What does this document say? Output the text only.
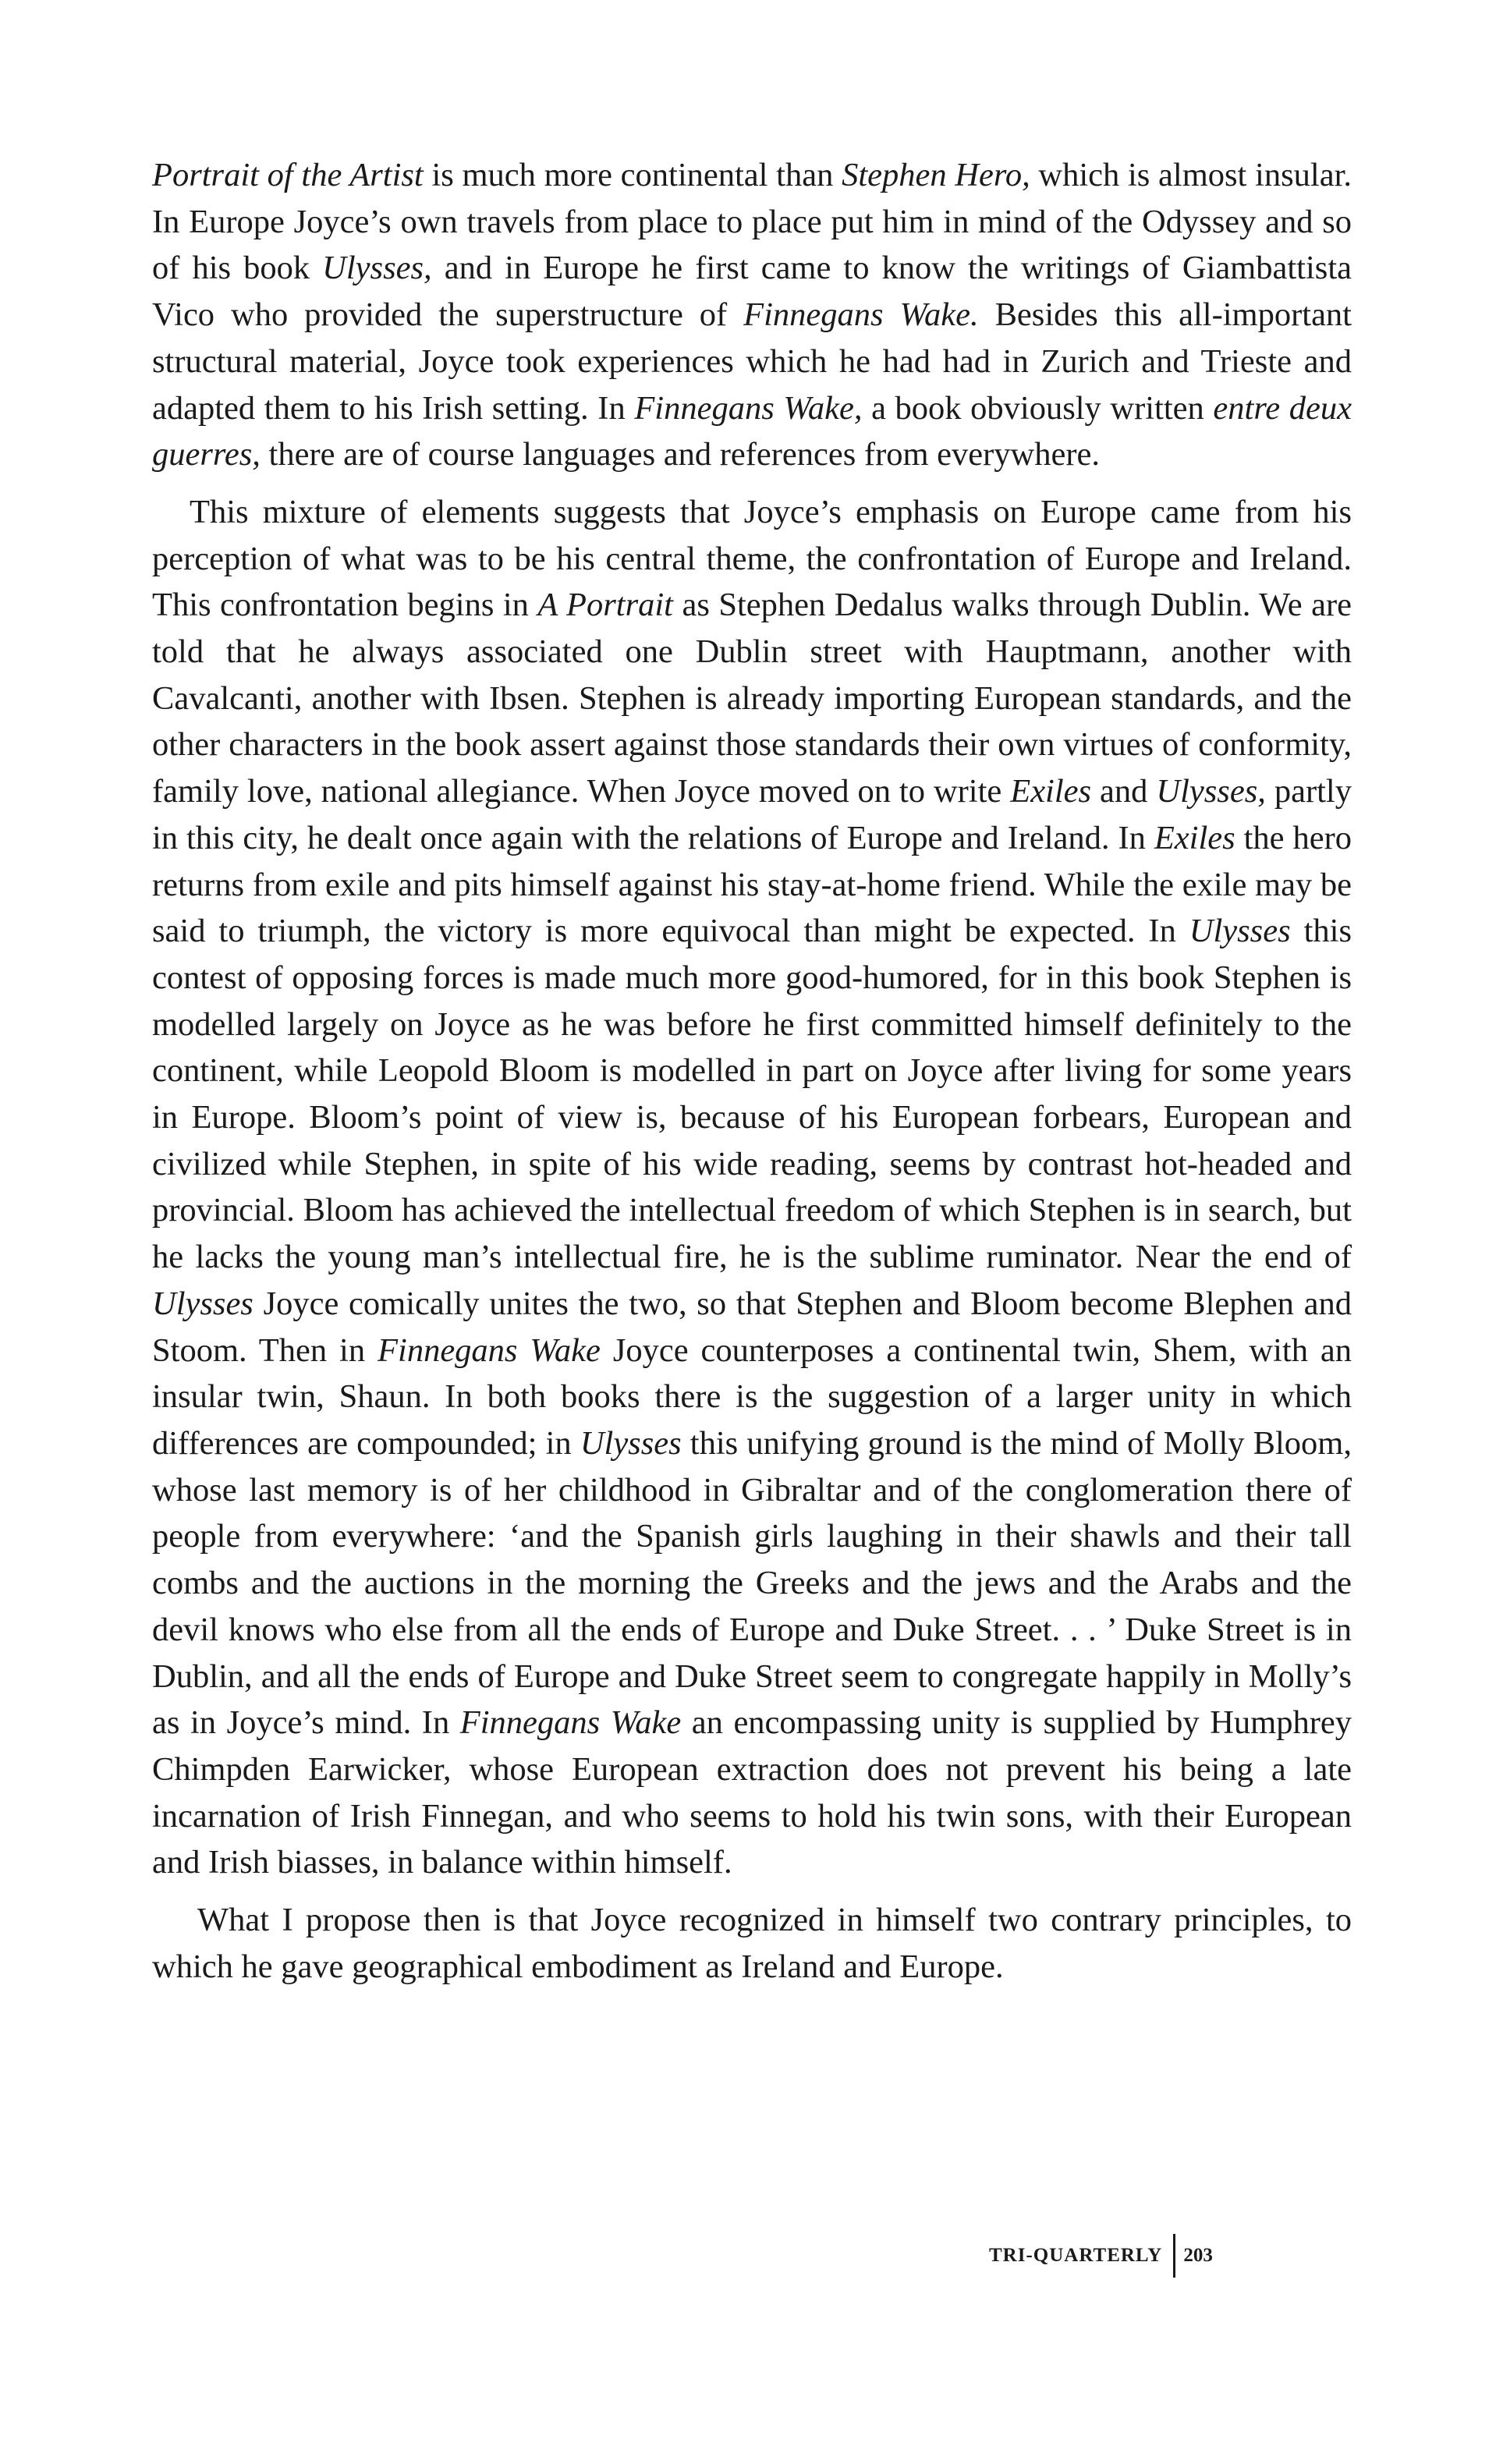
Portrait of the Artist is much more continental than Stephen Hero, which is almost insular. In Europe Joyce’s own travels from place to place put him in mind of the Odyssey and so of his book Ulysses, and in Europe he first came to know the writings of Giambattista Vico who provided the superstructure of Finnegans Wake. Besides this all-important structural material, Joyce took experiences which he had had in Zurich and Trieste and adapted them to his Irish setting. In Finnegans Wake, a book obviously written entre deux guerres, there are of course languages and references from everywhere.

This mixture of elements suggests that Joyce’s emphasis on Europe came from his perception of what was to be his central theme, the confrontation of Europe and Ireland. This confrontation begins in A Portrait as Stephen Dedalus walks through Dublin. We are told that he always associated one Dublin street with Hauptmann, another with Cavalcanti, another with Ibsen. Stephen is already importing European standards, and the other characters in the book assert against those standards their own virtues of conformity, family love, national allegiance. When Joyce moved on to write Exiles and Ulysses, partly in this city, he dealt once again with the relations of Europe and Ireland. In Exiles the hero returns from exile and pits himself against his stay-at-home friend. While the exile may be said to triumph, the victory is more equivocal than might be expected. In Ulysses this contest of opposing forces is made much more good-humored, for in this book Stephen is modelled largely on Joyce as he was before he first committed himself definitely to the continent, while Leopold Bloom is modelled in part on Joyce after living for some years in Europe. Bloom’s point of view is, because of his European forbears, European and civilized while Stephen, in spite of his wide reading, seems by contrast hot-headed and provincial. Bloom has achieved the intellectual freedom of which Stephen is in search, but he lacks the young man’s intellectual fire, he is the sublime ruminator. Near the end of Ulysses Joyce comically unites the two, so that Stephen and Bloom become Blephen and Stoom. Then in Finnegans Wake Joyce counterposes a continental twin, Shem, with an insular twin, Shaun. In both books there is the suggestion of a larger unity in which differences are compounded; in Ulysses this unifying ground is the mind of Molly Bloom, whose last memory is of her childhood in Gibraltar and of the conglomeration there of people from everywhere: ‘and the Spanish girls laughing in their shawls and their tall combs and the auctions in the morning the Greeks and the jews and the Arabs and the devil knows who else from all the ends of Europe and Duke Street. . . ’ Duke Street is in Dublin, and all the ends of Europe and Duke Street seem to congregate happily in Molly’s as in Joyce’s mind. In Finnegans Wake an encompassing unity is supplied by Humphrey Chimpden Earwicker, whose European extraction does not prevent his being a late incarnation of Irish Finnegan, and who seems to hold his twin sons, with their European and Irish biasses, in balance within himself.

What I propose then is that Joyce recognized in himself two contrary principles, to which he gave geographical embodiment as Ireland and Europe.

TRI-QUARTERLY	203
